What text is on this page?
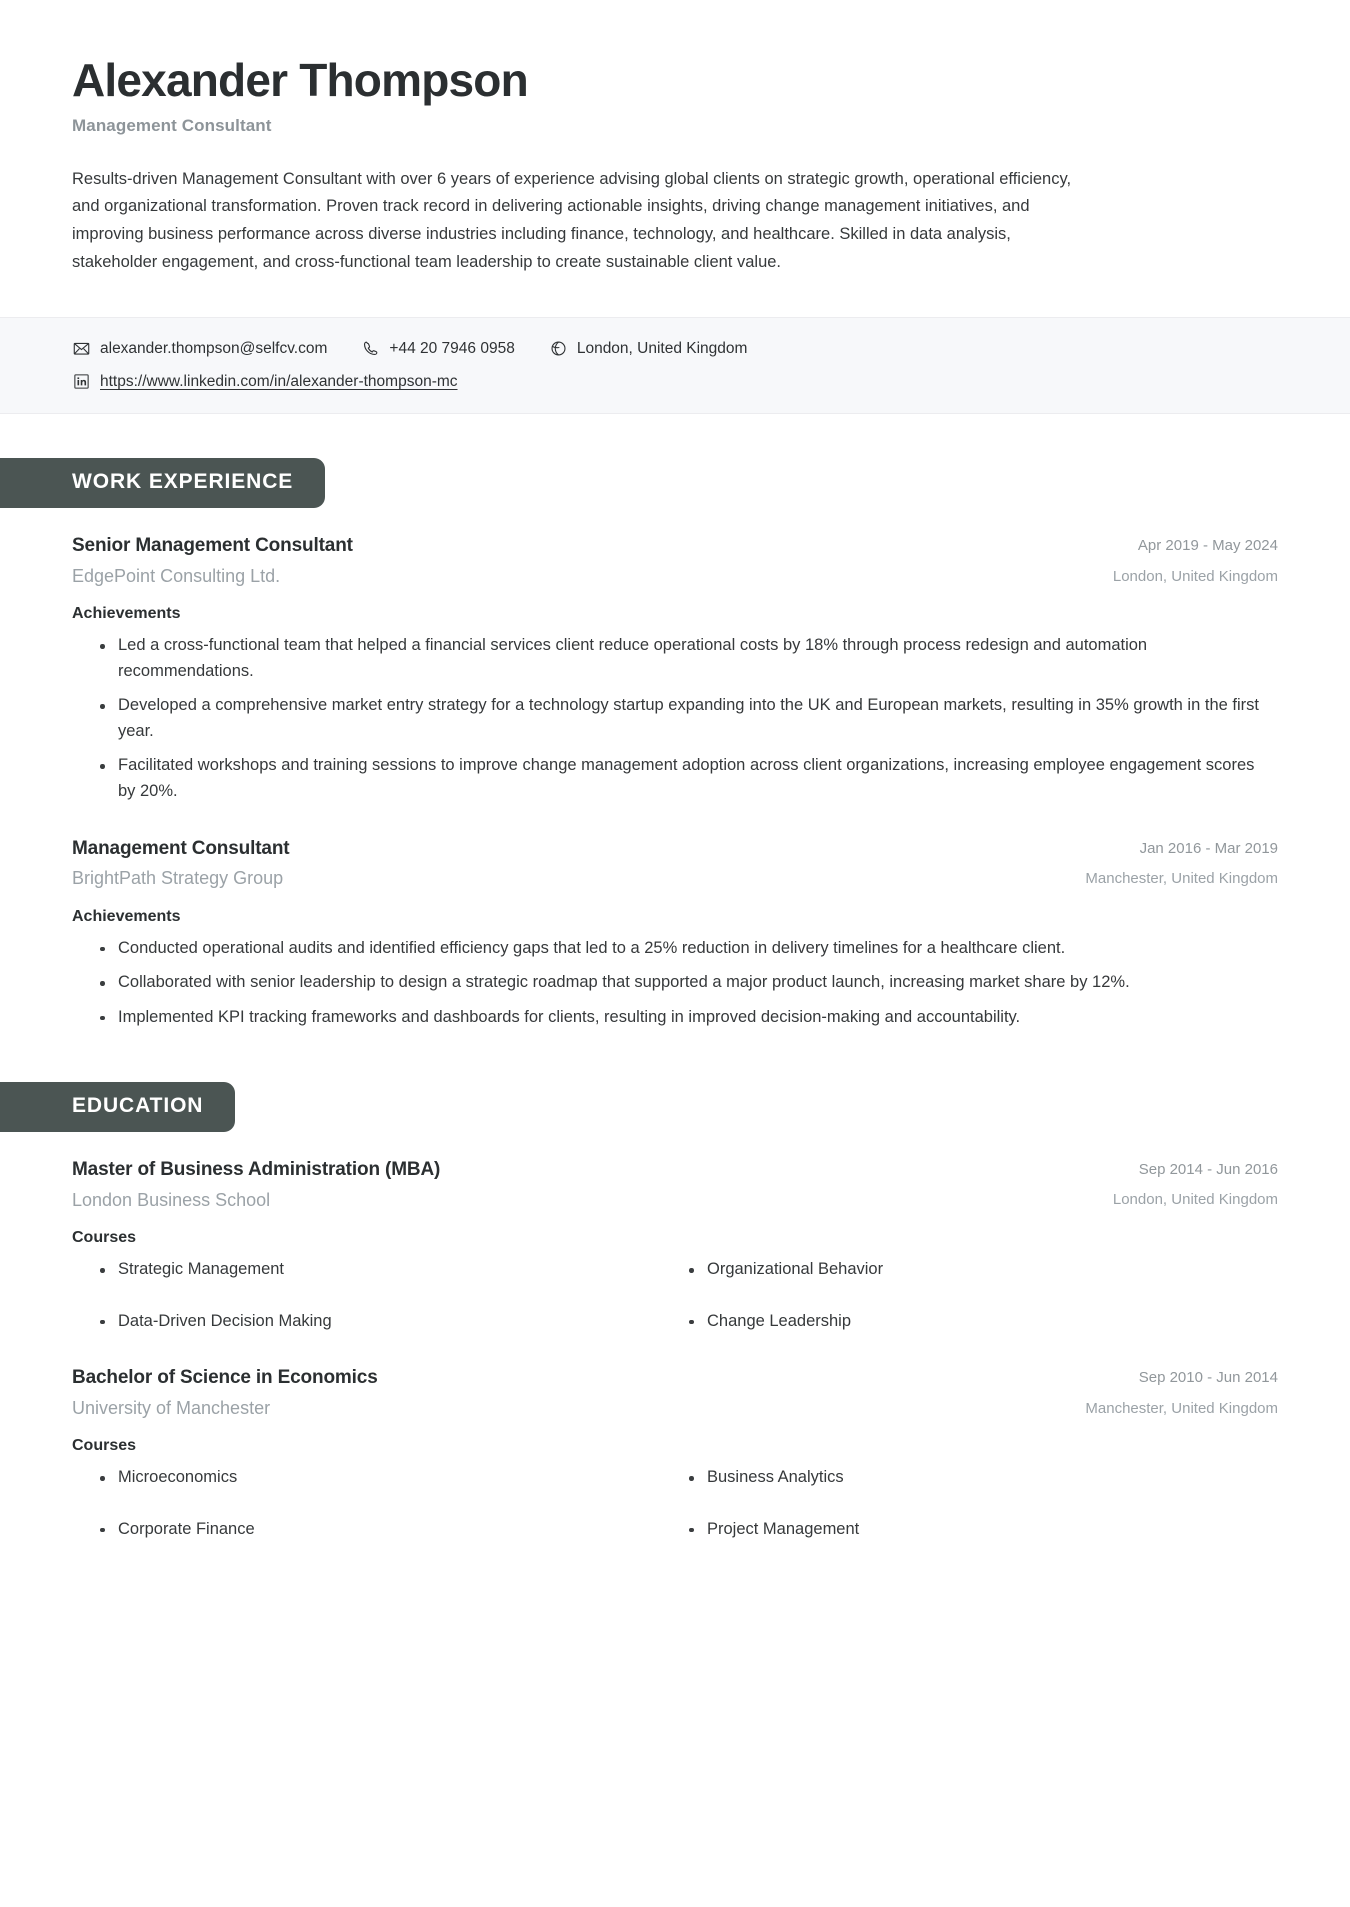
Alexander Thompson
Management Consultant

Results-driven Management Consultant with over 6 years of experience advising global clients on strategic growth, operational efficiency, and organizational transformation. Proven track record in delivering actionable insights, driving change management initiatives, and improving business performance across diverse industries including finance, technology, and healthcare. Skilled in data analysis, stakeholder engagement, and cross-functional team leadership to create sustainable client value.

alexander.thompson@selfcv.com	+44 20 7946 0958	London, United Kingdom
https://www.linkedin.com/in/alexander-thompson-mc
WORK EXPERIENCE
Senior Management Consultant
EdgePoint Consulting Ltd.
Apr 2019 - May 2024
London, United Kingdom
Achievements
Led a cross-functional team that helped a financial services client reduce operational costs by 18% through process redesign and automation recommendations.
Developed a comprehensive market entry strategy for a technology startup expanding into the UK and European markets, resulting in 35% growth in the first year.
Facilitated workshops and training sessions to improve change management adoption across client organizations, increasing employee engagement scores by 20%.
Management Consultant
BrightPath Strategy Group
Jan 2016 - Mar 2019
Manchester, United Kingdom
Achievements
Conducted operational audits and identified efficiency gaps that led to a 25% reduction in delivery timelines for a healthcare client.
Collaborated with senior leadership to design a strategic roadmap that supported a major product launch, increasing market share by 12%.
Implemented KPI tracking frameworks and dashboards for clients, resulting in improved decision-making and accountability.
EDUCATION
Master of Business Administration (MBA)
London Business School
Sep 2014 - Jun 2016
London, United Kingdom
Courses
Strategic Management	Organizational Behavior
Data-Driven Decision Making	Change Leadership
Bachelor of Science in Economics
University of Manchester
Sep 2010 - Jun 2014
Manchester, United Kingdom
Courses
Microeconomics	Business Analytics
Corporate Finance	Project Management
